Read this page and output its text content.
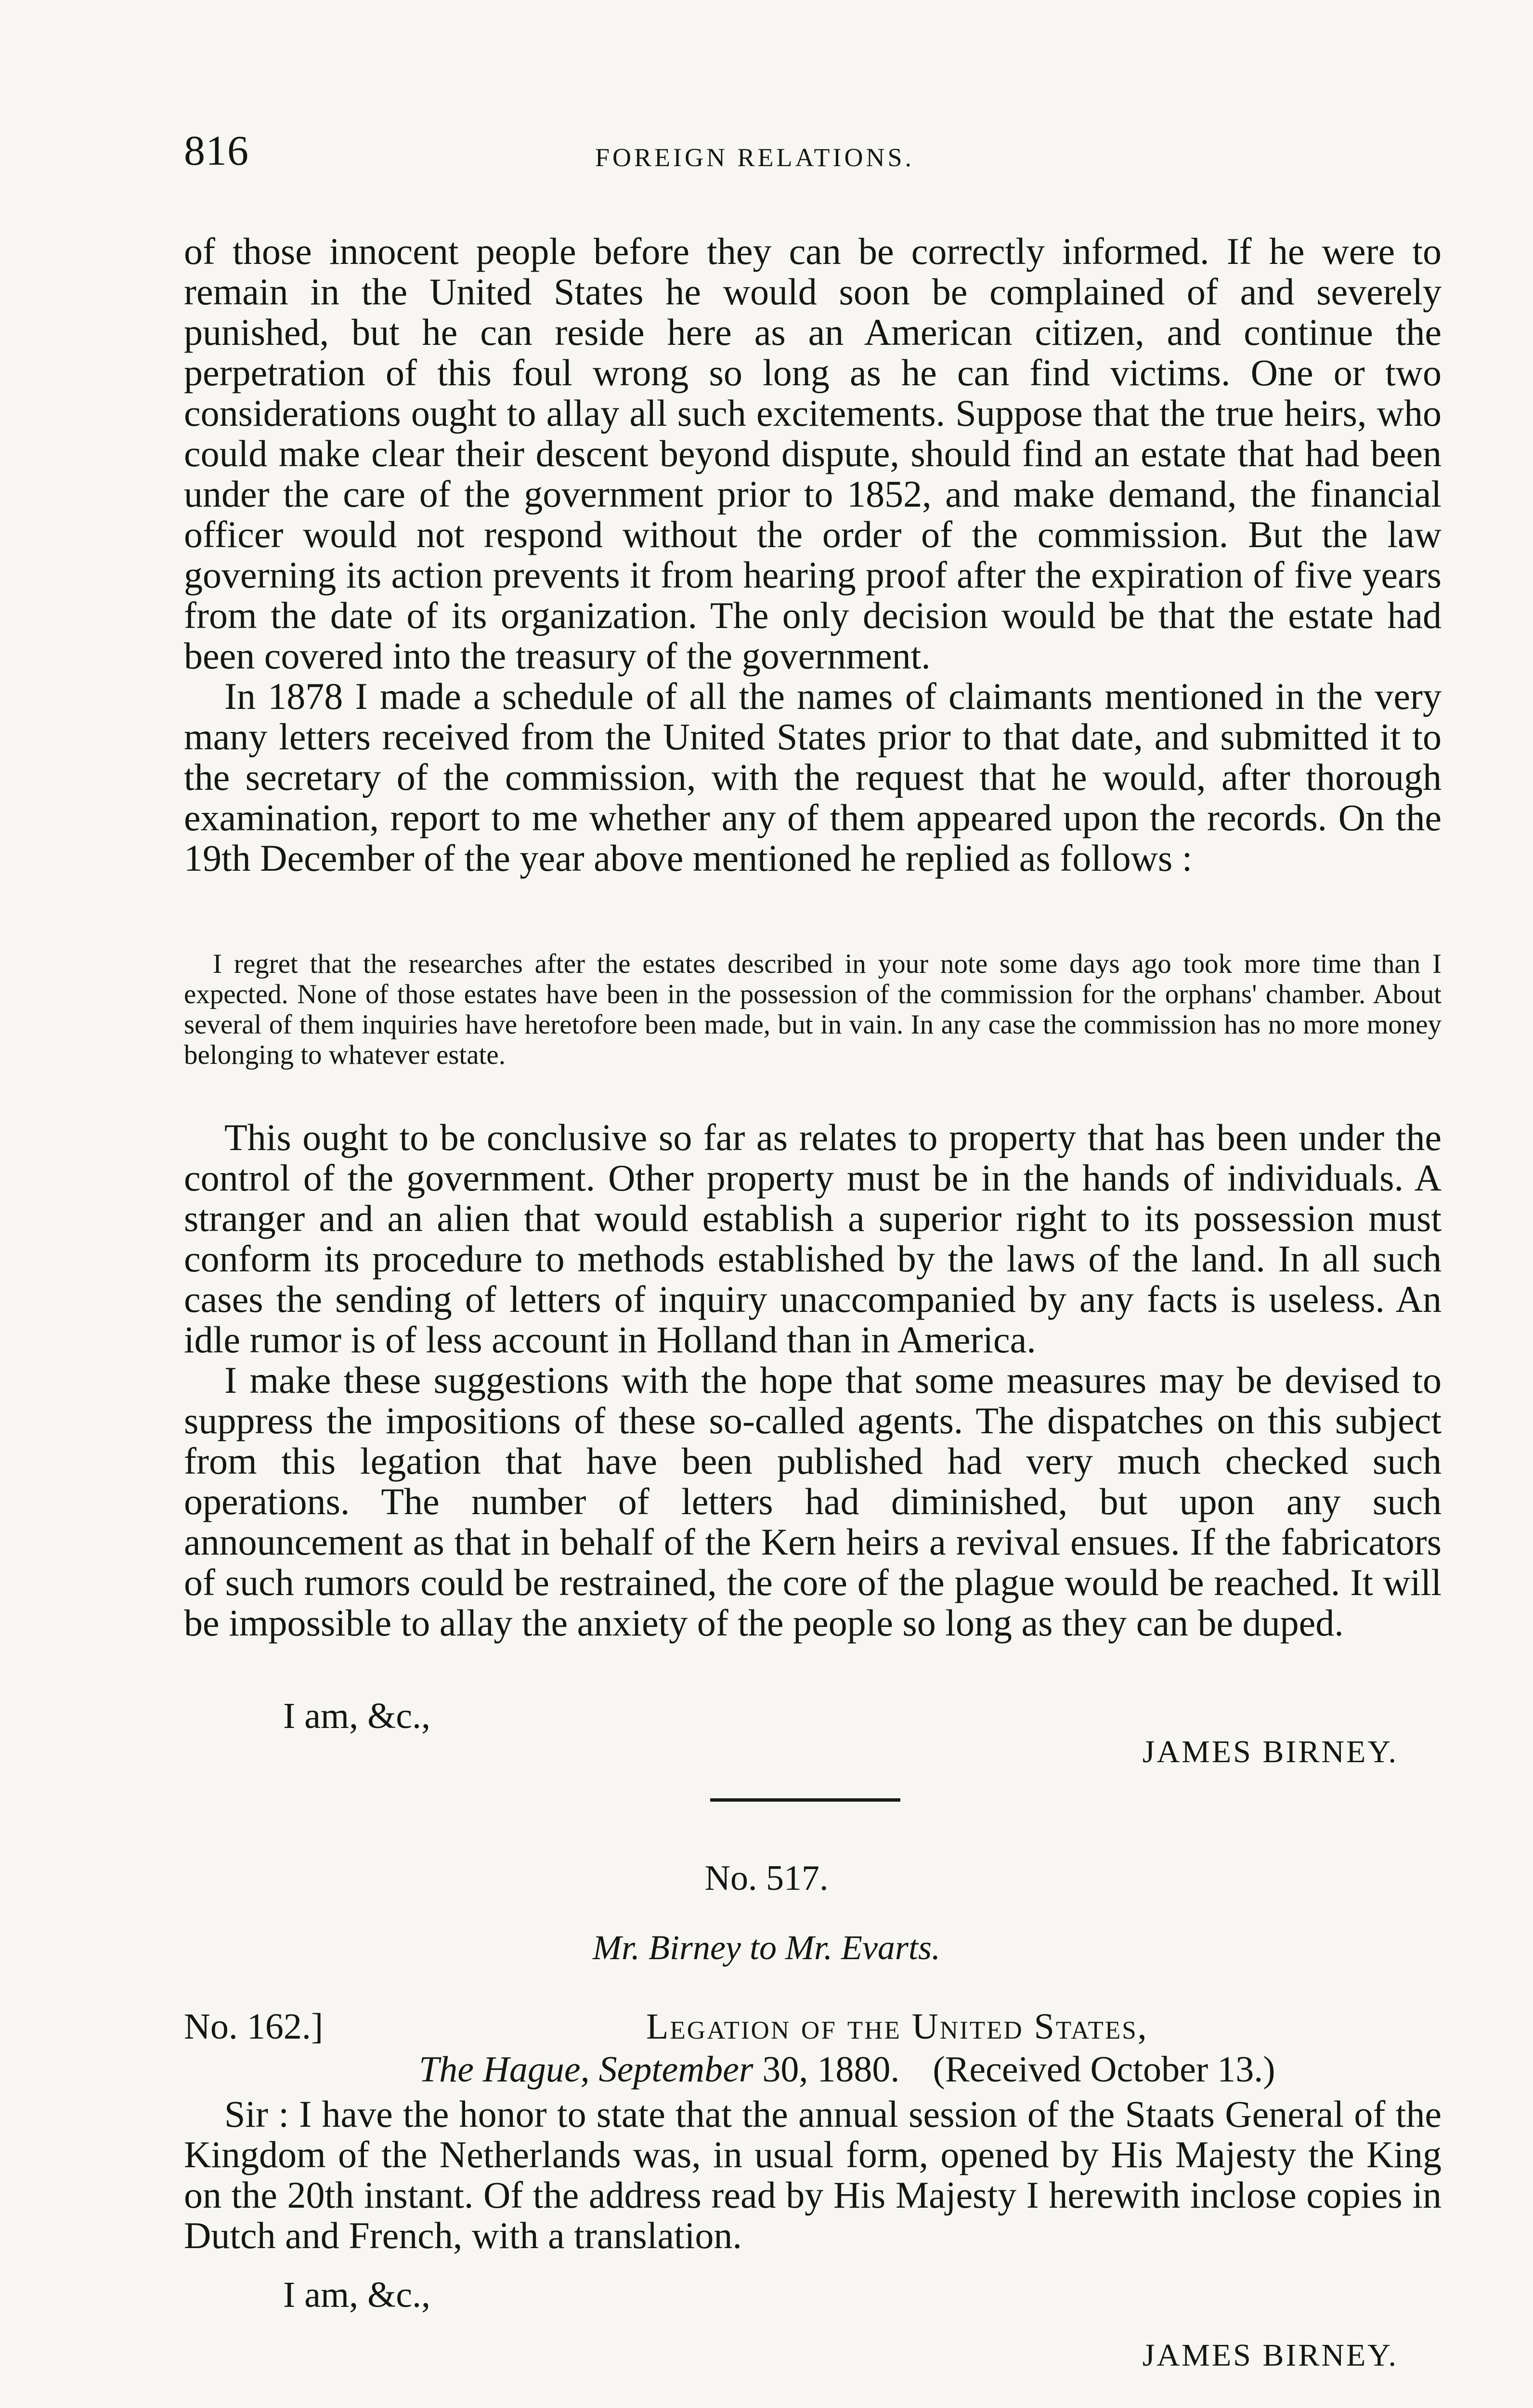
816	FOREIGN RELATIONS.

of those innocent people before they can be correctly informed. If he were to remain in the United States he would soon be complained of and severely punished, but he can reside here as an American citizen, and continue the perpetration of this foul wrong so long as he can find victims. One or two considerations ought to allay all such excitements. Suppose that the true heirs, who could make clear their descent beyond dispute, should find an estate that had been under the care of the government prior to 1852, and make demand, the financial officer would not respond without the order of the commission. But the law governing its action prevents it from hearing proof after the expiration of five years from the date of its organization. The only decision would be that the estate had been covered into the treasury of the government.

In 1878 I made a schedule of all the names of claimants mentioned in the very many letters received from the United States prior to that date, and submitted it to the secretary of the commission, with the request that he would, after thorough examination, report to me whether any of them appeared upon the records. On the 19th December of the year above mentioned he replied as follows :

I regret that the researches after the estates described in your note some days ago took more time than I expected. None of those estates have been in the possession of the commission for the orphans' chamber. About several of them inquiries have heretofore been made, but in vain. In any case the commission has no more money belonging to whatever estate.

This ought to be conclusive so far as relates to property that has been under the control of the government. Other property must be in the hands of individuals. A stranger and an alien that would establish a superior right to its possession must conform its procedure to methods established by the laws of the land. In all such cases the sending of letters of inquiry unaccompanied by any facts is useless. An idle rumor is of less account in Holland than in America.

I make these suggestions with the hope that some measures may be devised to suppress the impositions of these so-called agents. The dispatches on this subject from this legation that have been published had very much checked such operations. The number of letters had diminished, but upon any such announcement as that in behalf of the Kern heirs a revival ensues. If the fabricators of such rumors could be restrained, the core of the plague would be reached. It will be impossible to allay the anxiety of the people so long as they can be duped.

I am, &c.,
JAMES BIRNEY.
No. 517.
Mr. Birney to Mr. Evarts.
No. 162.]	Legation of the United States,
The Hague, September 30, 1880. (Received October 13.)

Sir : I have the honor to state that the annual session of the Staats General of the Kingdom of the Netherlands was, in usual form, opened by His Majesty the King on the 20th instant. Of the address read by His Majesty I herewith inclose copies in Dutch and French, with a translation.

I am, &c.,
JAMES BIRNEY.
